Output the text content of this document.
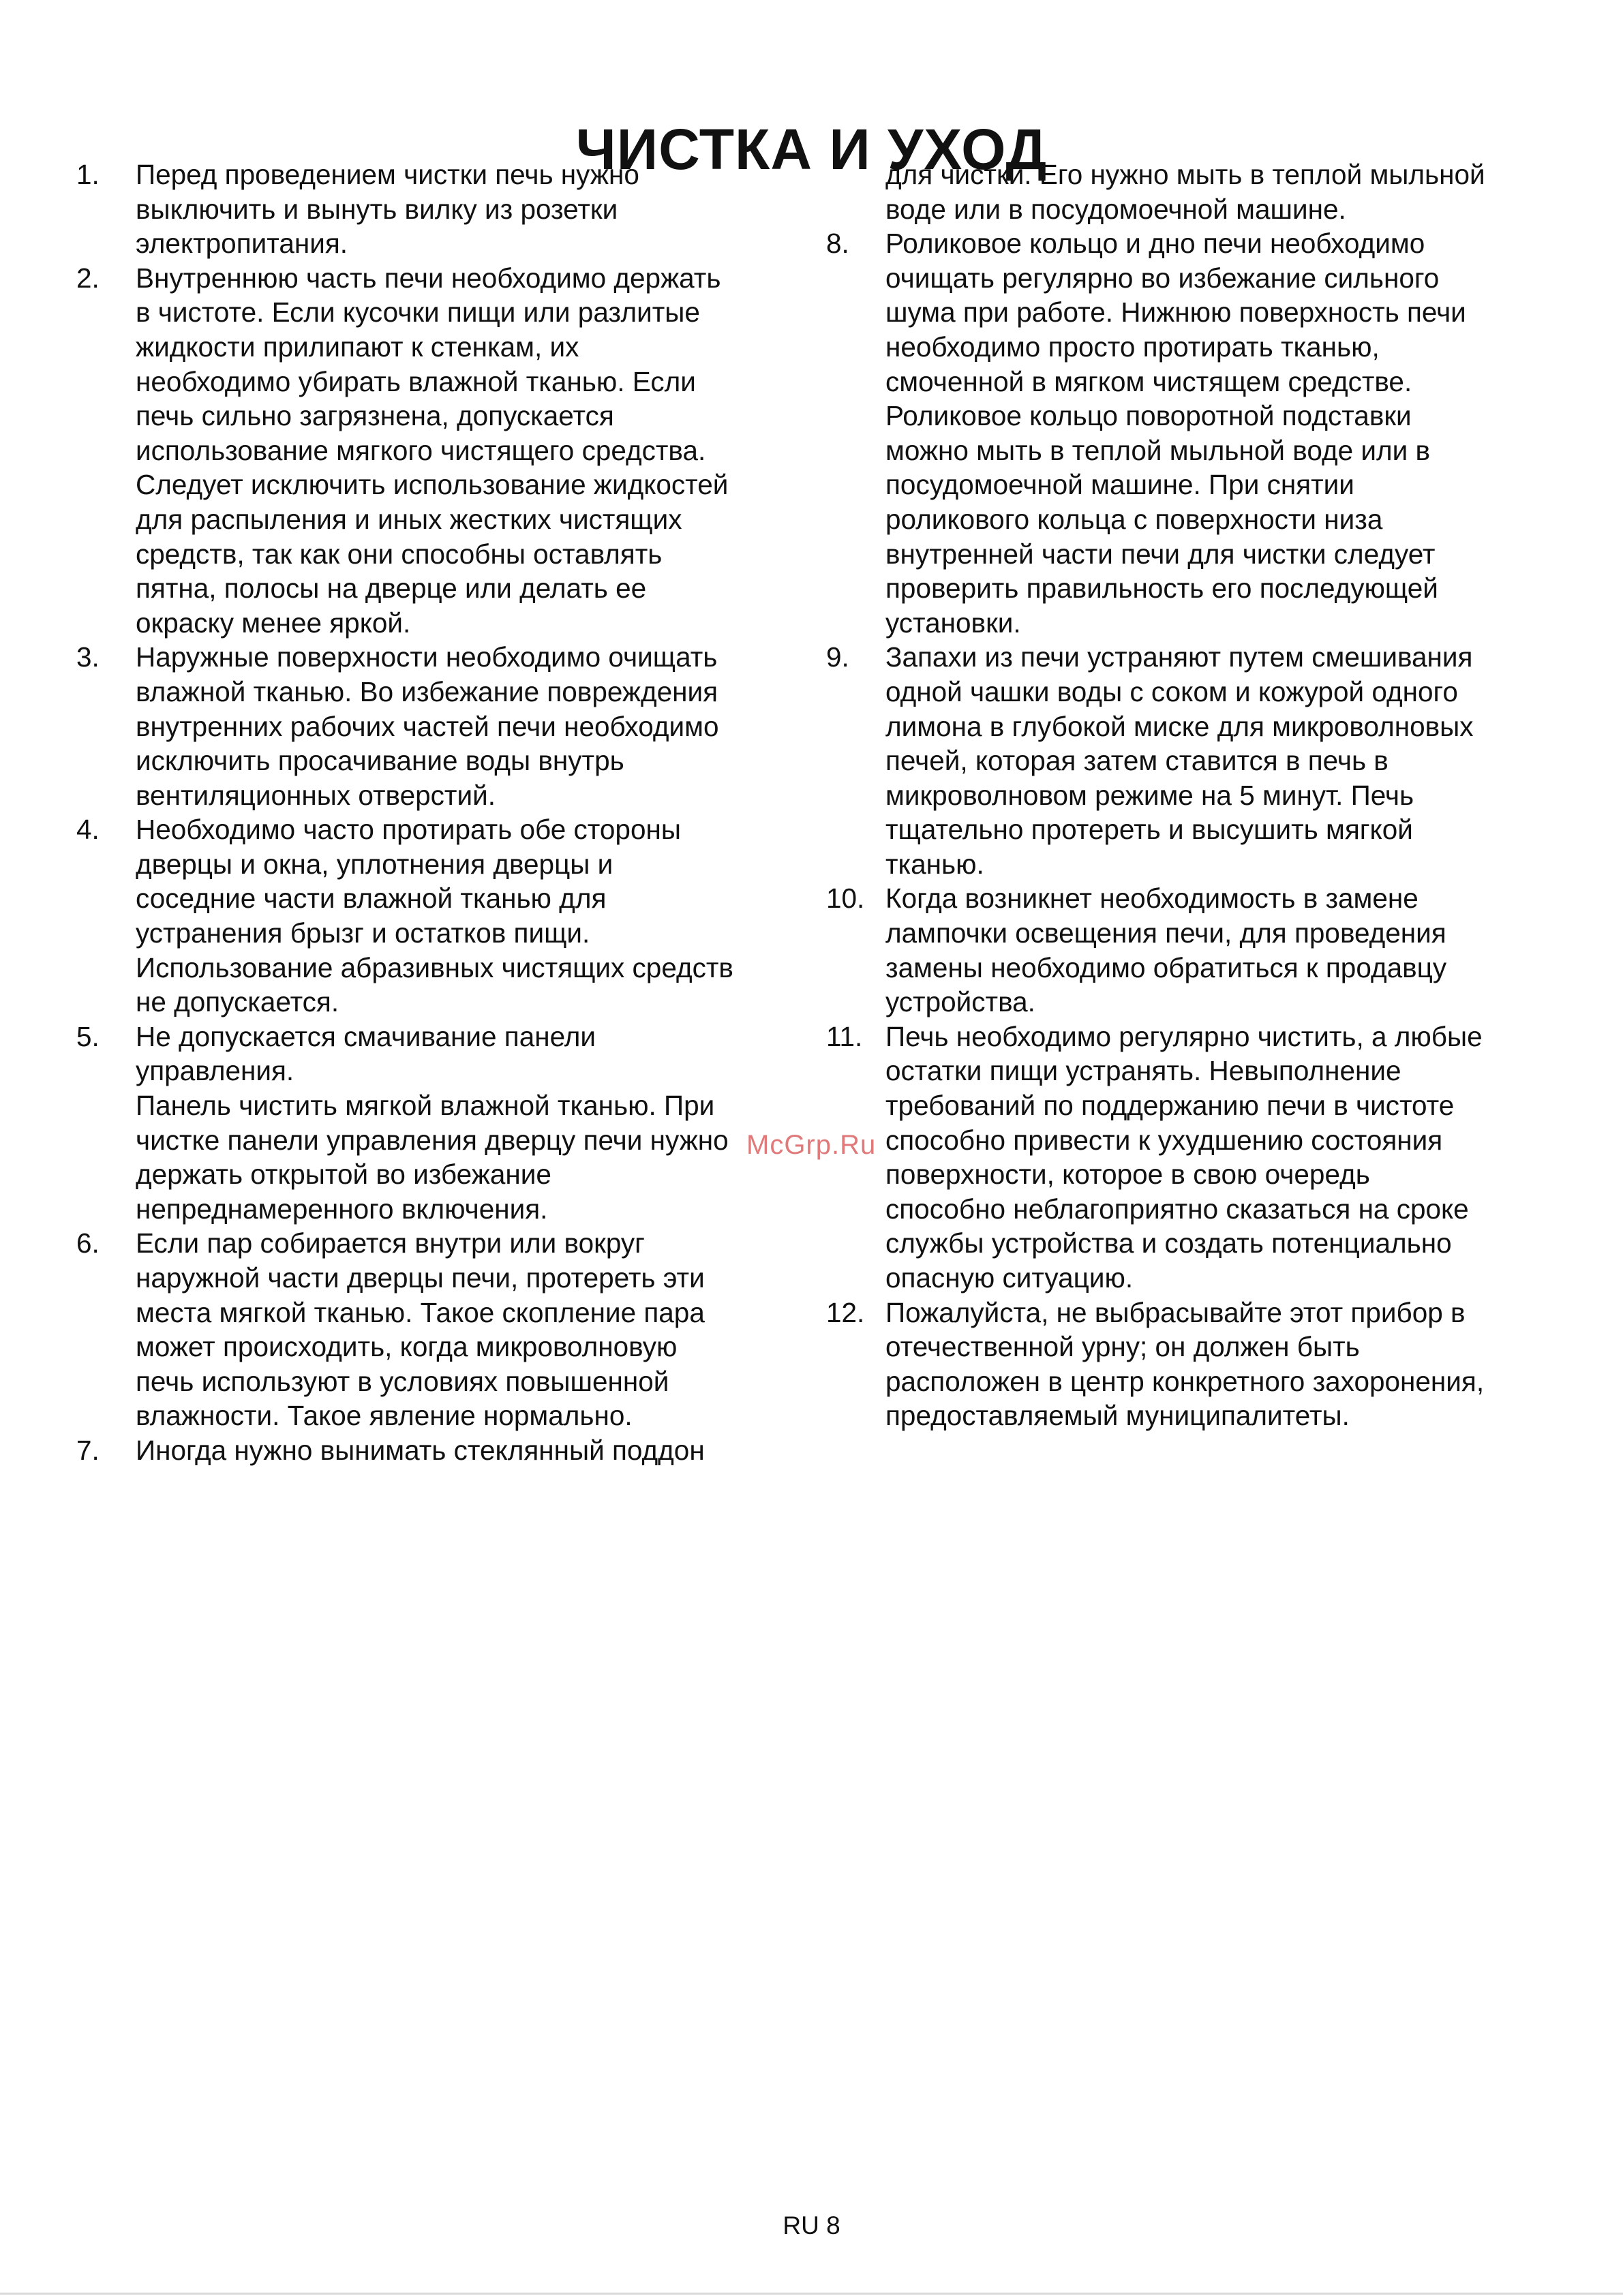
ЧИСТКА И УХОД
1. Перед проведением чистки печь нужно
выключить и вынуть вилку из розетки
электропитания.
2. Внутреннюю часть печи необходимо держать
в чистоте. Если кусочки пищи или разлитые
жидкости прилипают к стенкам, их
необходимо убирать влажной тканью. Если
печь сильно загрязнена, допускается
использование мягкого чистящего средства.
Следует исключить использование жидкостей
для распыления и иных жестких чистящих
средств, так как они способны оставлять
пятна, полосы на дверце или делать ее
окраску менее яркой.
3. Наружные поверхности необходимо очищать
влажной тканью. Во избежание повреждения
внутренних рабочих частей печи необходимо
исключить просачивание воды внутрь
вентиляционных отверстий.
4. Необходимо часто протирать обе стороны
дверцы и окна, уплотнения дверцы и
соседние части влажной тканью для
устранения брызг и остатков пищи.
Использование абразивных чистящих средств
не допускается.
5. Не допускается смачивание панели
управления.
Панель чистить мягкой влажной тканью. При
чистке панели управления дверцу печи нужно
держать открытой во избежание
непреднамеренного включения.
6. Если пар собирается внутри или вокруг
наружной части дверцы печи, протереть эти
места мягкой тканью. Такое скопление пара
может происходить, когда микроволновую
печь используют в условиях повышенной
влажности. Такое явление нормально.
7. Иногда нужно вынимать стеклянный поддон
для чистки. Его нужно мыть в теплой мыльной
воде или в посудомоечной машине.
8. Роликовое кольцо и дно печи необходимо
очищать регулярно во избежание сильного
шума при работе. Нижнюю поверхность печи
необходимо просто протирать тканью,
смоченной в мягком чистящем средстве.
Роликовое кольцо поворотной подставки
можно мыть в теплой мыльной воде или в
посудомоечной машине. При снятии
роликового кольца с поверхности низа
внутренней части печи для чистки следует
проверить правильность его последующей
установки.
9. Запахи из печи устраняют путем смешивания
одной чашки воды с соком и кожурой одного
лимона в глубокой миске для микроволновых
печей, которая затем ставится в печь в
микроволновом режиме на 5 минут. Печь
тщательно протереть и высушить мягкой
тканью.
10. Когда возникнет необходимость в замене
лампочки освещения печи, для проведения
замены необходимо обратиться к продавцу
устройства.
11. Печь необходимо регулярно чистить, а любые
остатки пищи устранять. Невыполнение
требований по поддержанию печи в чистоте
способно привести к ухудшению состояния
поверхности, которое в свою очередь
способно неблагоприятно сказаться на сроке
службы устройства и создать потенциально
опасную ситуацию.
12. Пожалуйста, не выбрасывайте этот прибор в
отечественной урну; он должен быть
расположен в центр конкретного захоронения,
предоставляемый муниципалитеты.
McGrp.Ru
RU 8
